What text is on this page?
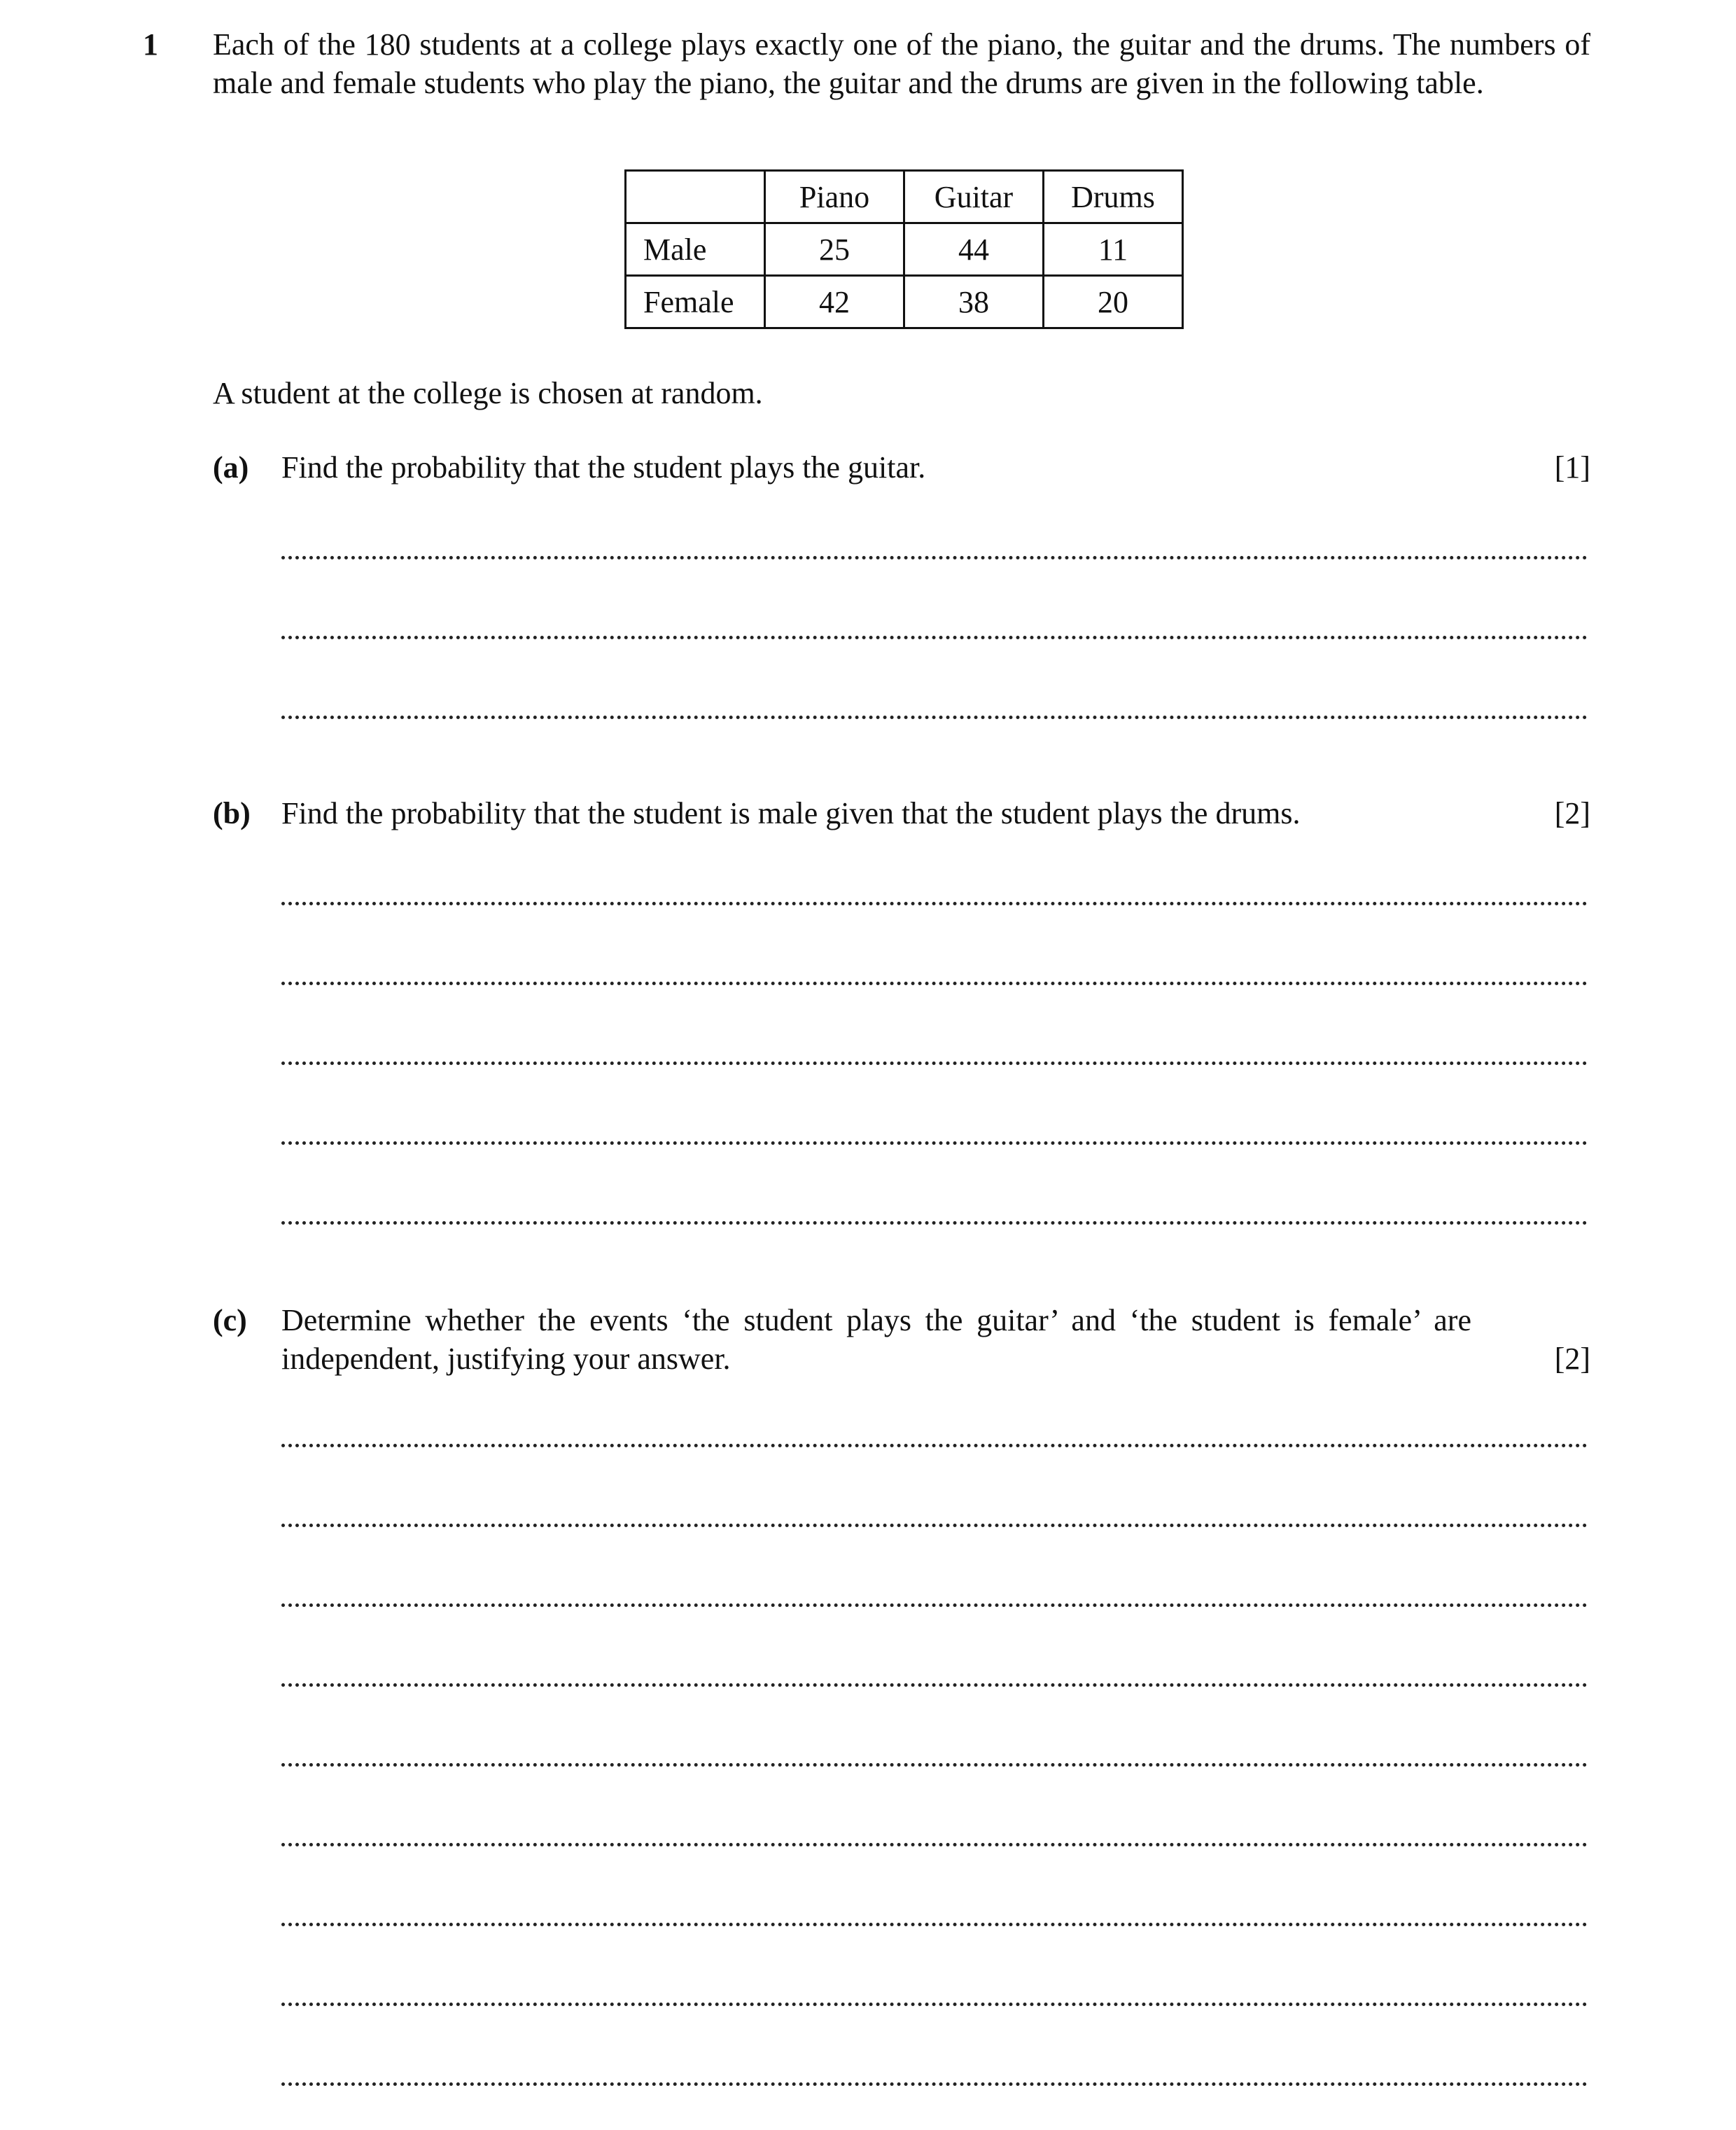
1 Each of the 180 students at a college plays exactly one of the piano, the guitar and the drums. The numbers of male and female students who play the piano, the guitar and the drums are given in the following table.
	Piano	Guitar	Drums
Male	25	44	11
Female	42	38	20
A student at the college is chosen at random.
(a) Find the probability that the student plays the guitar.	[1]
(b) Find the probability that the student is male given that the student plays the drums.	[2]
(c) Determine whether the events ‘the student plays the guitar’ and ‘the student is female’ are independent, justifying your answer.	[2]
